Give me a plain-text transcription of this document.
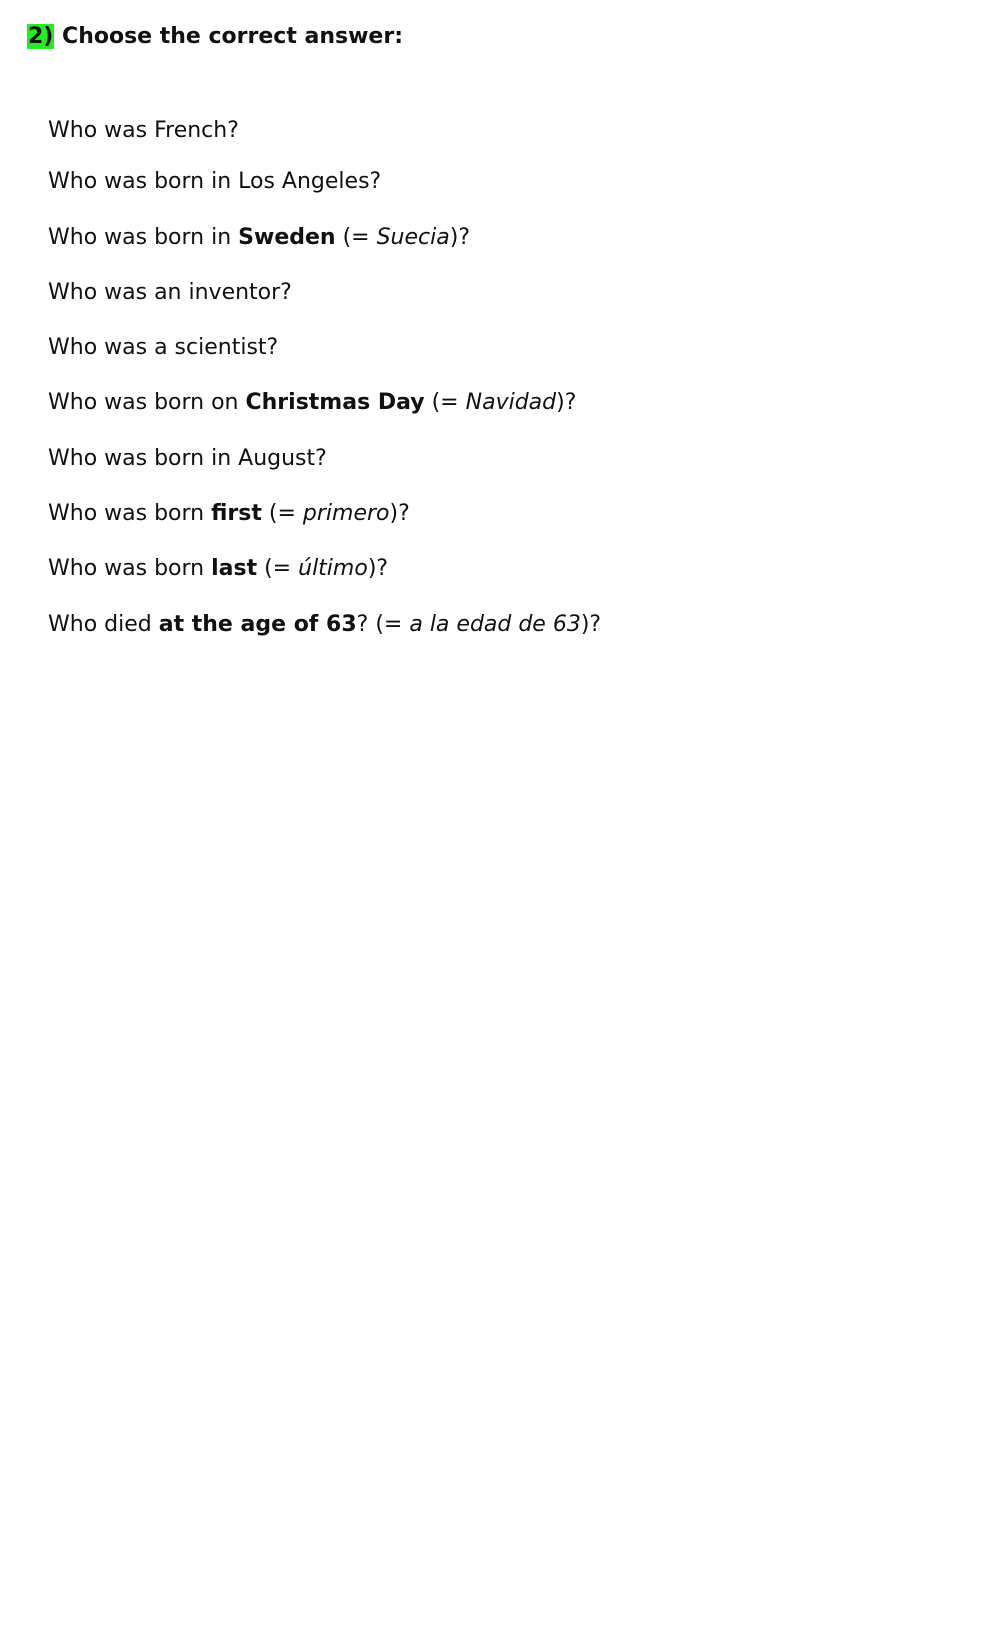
2) Choose the correct answer:
Who was French?
Who was born in Los Angeles?
Who was born in Sweden (= Suecia)?
Who was an inventor?
Who was a scientist?
Who was born on Christmas Day (= Navidad)?
Who was born in August?
Who was born first (= primero)?
Who was born last (= último)?
Who died at the age of 63? (= a la edad de 63)?
